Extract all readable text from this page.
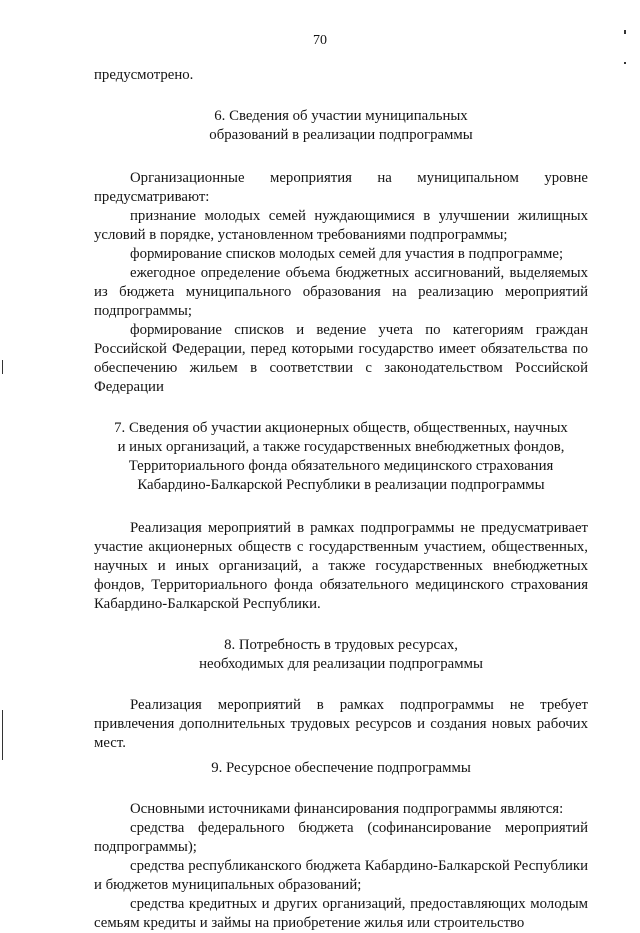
70

предусмотрено.

6. Сведения об участии муниципальных
образований в реализации подпрограммы

Организационные мероприятия на муниципальном уровне предусматривают:

признание молодых семей нуждающимися в улучшении жилищных условий в порядке, установленном требованиями подпрограммы;

формирование списков молодых семей для участия в подпрограмме;

ежегодное определение объема бюджетных ассигнований, выделяемых из бюджета муниципального образования на реализацию мероприятий подпрограммы;

формирование списков и ведение учета по категориям граждан Российской Федерации, перед которыми государство имеет обязательства по обеспечению жильем в соответствии с законодательством Российской Федерации

7. Сведения об участии акционерных обществ, общественных, научных
и иных организаций, а также государственных внебюджетных фондов,
Территориального фонда обязательного медицинского страхования
Кабардино-Балкарской Республики в реализации подпрограммы

Реализация мероприятий в рамках подпрограммы не предусматривает участие акционерных обществ с государственным участием, общественных, научных и иных организаций, а также государственных внебюджетных фондов, Территориального фонда обязательного медицинского страхования Кабардино-Балкарской Республики.

8. Потребность в трудовых ресурсах,
необходимых для реализации подпрограммы

Реализация мероприятий в рамках подпрограммы не требует привлечения дополнительных трудовых ресурсов и создания новых рабочих мест.

9. Ресурсное обеспечение подпрограммы

Основными источниками финансирования подпрограммы являются:

средства федерального бюджета (софинансирование мероприятий подпрограммы);

средства республиканского бюджета Кабардино-Балкарской Республики и бюджетов муниципальных образований;

средства кредитных и других организаций, предоставляющих молодым семьям кредиты и займы на приобретение жилья или строительство
